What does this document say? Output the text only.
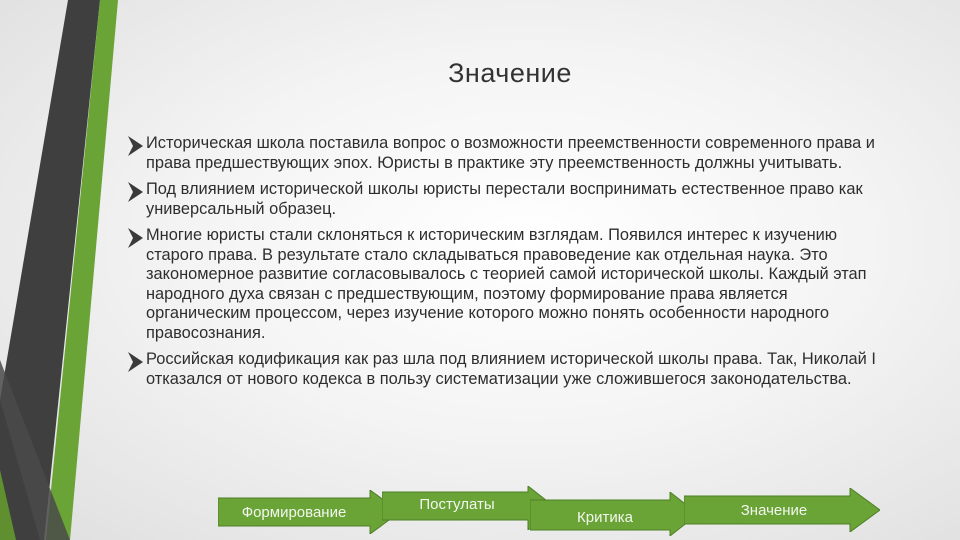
Значение
Историческая школа поставила вопрос о возможности преемственности современного права и права предшествующих эпох. Юристы в практике эту преемственность должны учитывать.
Под влиянием исторической школы юристы перестали воспринимать естественное право как универсальный образец.
Многие юристы стали склоняться к историческим взглядам. Появился интерес к изучению старого права. В результате стало складываться правоведение как отдельная наука. Это закономерное развитие согласовывалось с теорией самой исторической школы. Каждый этап народного духа связан с предшествующим, поэтому формирование права является органическим процессом, через изучение которого можно понять особенности народного правосознания.
Российская кодификация как раз шла под влиянием исторической школы права. Так, Николай I отказался от нового кодекса в пользу систематизации уже сложившегося законодательства.
Формирование	Постулаты
Критика	Значение
